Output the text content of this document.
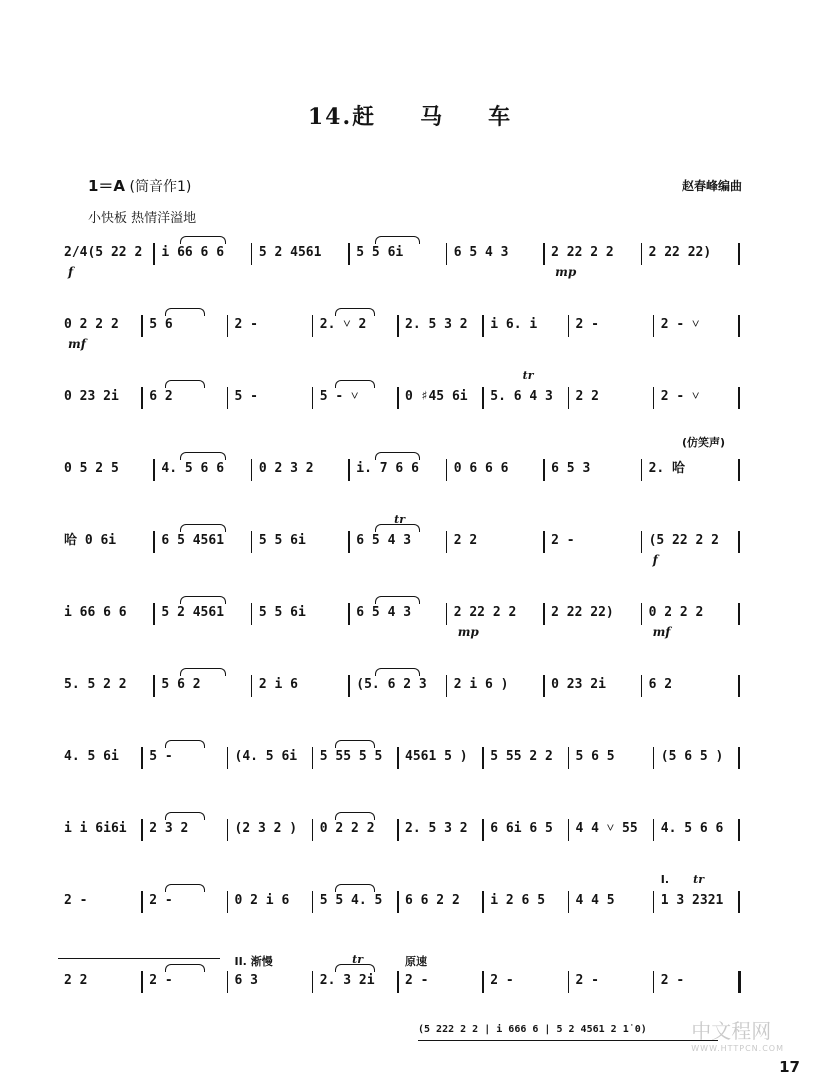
14.赶 马 车
1＝A (筒音作1)	赵春峰编曲
小快板 热情洋溢地
2/4(5 22 2	i 66 6 6	5 2 4561	5 5 6i	6 5 4 3	2 22 2 2	2 22 22)
f	mp
0 2 2 2	5 6	2 -	2. ˅ 2	2. 5 3 2	i 6. i	2 -	2 - ˅
mf
0 23 2i	6 2	5 -	5 - ˅	0 ♯45 6i	5. 6 4 3	2 2	2 - ˅
tr
0 5 2 5	4. 5 6 6	0 2 3 2	i. 7 6 6	0 6 6 6	6 5 3	2. 哈
(仿笑声)
哈 0 6i	6 5 4561	5 5 6i	6 5 4 3	2 2	2 -	(5 22 2 2
f
tr
i 66 6 6	5 2 4561	5 5 6i	6 5 4 3	2 22 2 2	2 22 22)	0 2 2 2
mp	mf
5. 5 2 2	5 6 2	2 i 6	(5. 6 2 3	2 i 6 )	0 23 2i	6 2
4. 5 6i	5 -	(4. 5 6i	5 55 5 5	4561 5 )	5 55 2 2	5 6 5	(5 6 5 )
i i 6i6i	2 3 2	(2 3 2 )	0 2 2 2	2. 5 3 2	6 6i 6 5	4 4 ˅ 55	4. 5 6 6
2 -	2 -	0 2 i 6	5 5 4. 5	6 6 2 2	i 2 6 5	4 4 5	1 3 2321
I. tr
2 2	2 -	6 3	2. 3 2i	2 -	2 -	2 -	2 -
II. 渐慢	tr	原速
(5 222 2 2 | i 666 6 | 5 2 4561 2 1̇ 0) 中文程网
WWW.HTTPCN.COM
17
